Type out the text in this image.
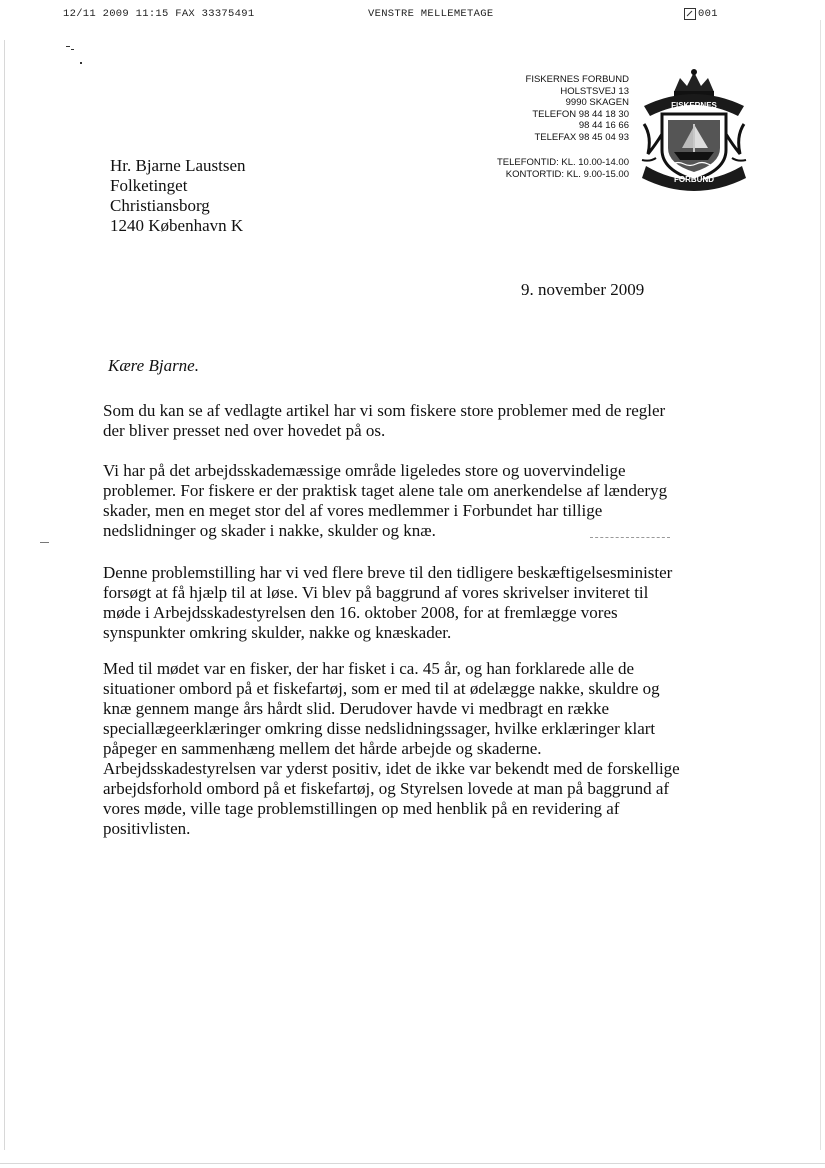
12/11 2009 11:15 FAX 33375491	VENSTRE MELLEMETAGE	001
FISKERNES FORBUND
HOLSTSVEJ 13
9990 SKAGEN
TELEFON 98 44 18 30
98 44 16 66
TELEFAX 98 45 04 93
TELEFONTID: KL. 10.00-14.00
KONTORTID: KL. 9.00-15.00
FISKERNES
FORBUND
Hr. Bjarne Laustsen
Folketinget
Christiansborg
1240 København K
9. november 2009
Kære Bjarne.
Som du kan se af vedlagte artikel har vi som fiskere store problemer med de regler
der bliver presset ned over hovedet på os.
Vi har på det arbejdsskademæssige område ligeledes store og uovervindelige
problemer. For fiskere er der praktisk taget alene tale om anerkendelse af lænderyg
skader, men en meget stor del af vores medlemmer i Forbundet har tillige
nedslidninger og skader i nakke, skulder og knæ.
Denne problemstilling har vi ved flere breve til den tidligere beskæftigelsesminister
forsøgt at få hjælp til at løse. Vi blev på baggrund af vores skrivelser inviteret til
møde i Arbejdsskadestyrelsen den 16. oktober 2008, for at fremlægge vores
synspunkter omkring skulder, nakke og knæskader.
Med til mødet var en fisker, der har fisket i ca. 45 år, og han forklarede alle de
situationer ombord på et fiskefartøj, som er med til at ødelægge nakke, skuldre og
knæ gennem mange års hårdt slid. Derudover havde vi medbragt en række
speciallægeerklæringer omkring disse nedslidningssager, hvilke erklæringer klart
påpeger en sammenhæng mellem det hårde arbejde og skaderne.
Arbejdsskadestyrelsen var yderst positiv, idet de ikke var bekendt med de forskellige
arbejdsforhold ombord på et fiskefartøj, og Styrelsen lovede at man på baggrund af
vores møde, ville tage problemstillingen op med henblik på en revidering af
positivlisten.
